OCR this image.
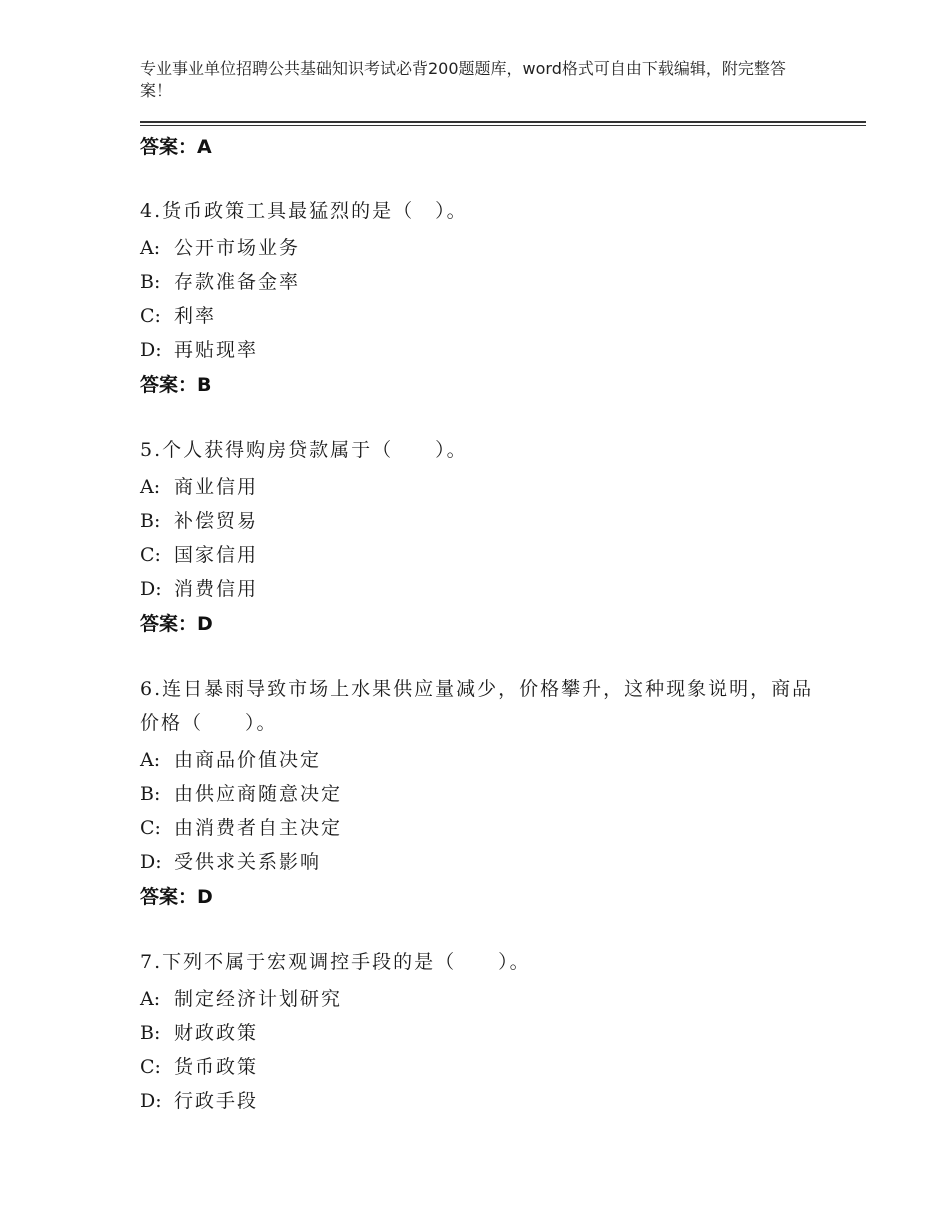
专业事业单位招聘公共基础知识考试必背200题题库，word格式可自由下载编辑，附完整答案！
答案：A
4.货币政策工具最猛烈的是（　）。
A: 公开市场业务
B: 存款准备金率
C: 利率
D: 再贴现率
答案：B
5.个人获得购房贷款属于（　　）。
A: 商业信用
B: 补偿贸易
C: 国家信用
D: 消费信用
答案：D
6.连日暴雨导致市场上水果供应量减少，价格攀升，这种现象说明，商品价格（　　）。
A: 由商品价值决定
B: 由供应商随意决定
C: 由消费者自主决定
D: 受供求关系影响
答案：D
7.下列不属于宏观调控手段的是（　　）。
A: 制定经济计划研究
B: 财政政策
C: 货币政策
D: 行政手段
